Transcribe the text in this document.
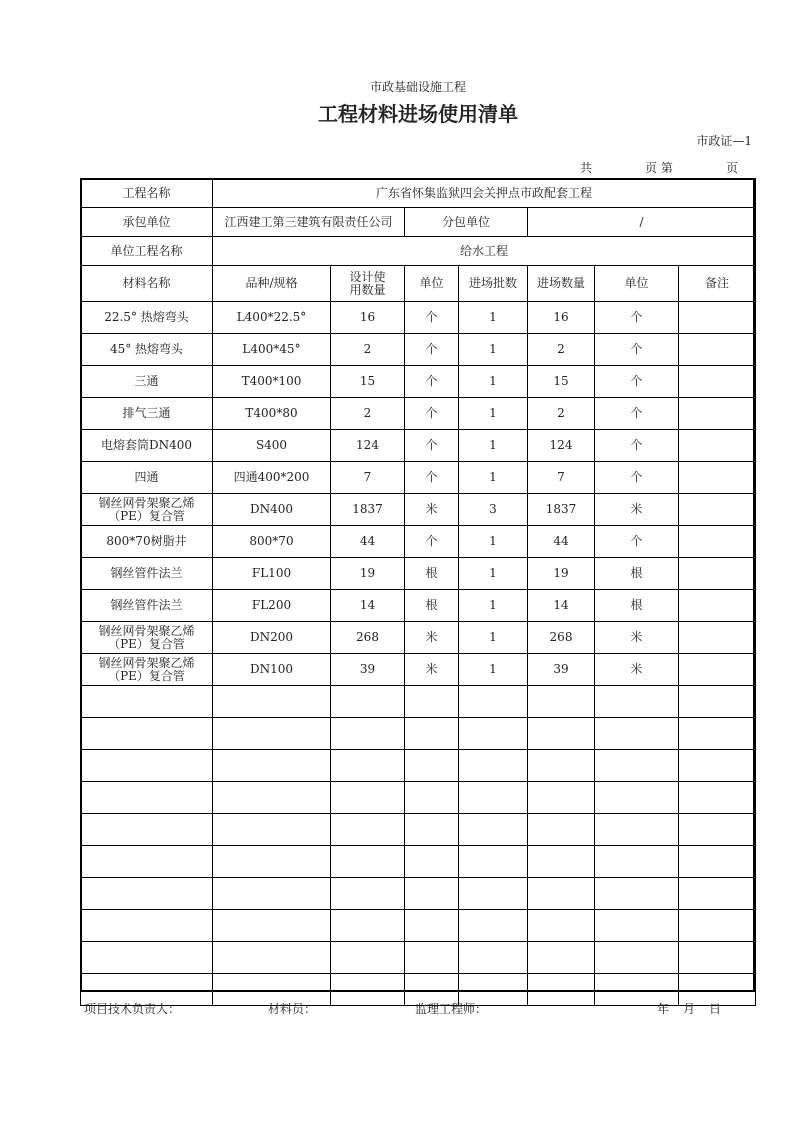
市政基础设施工程
工程材料进场使用清单
市政证—1
共	页 第	页
工程名称	广东省怀集监狱四会关押点市政配套工程						
承包单位	江西建工第三建筑有限责任公司		分包单位		/		
单位工程名称	给水工程						
材料名称	品种/规格	设计使用数量	单位	进场批数	进场数量	单位	备注
22.5° 热熔弯头	L400*22.5°	16	个	1	16	个	
45° 热熔弯头	L400*45°	2	个	1	2	个	
三通	T400*100	15	个	1	15	个	
排气三通	T400*80	2	个	1	2	个	
电熔套筒DN400	S400	124	个	1	124	个	
四通	四通400*200	7	个	1	7	个	
钢丝网骨架聚乙烯（PE）复合管	DN400	1837	米	3	1837	米	
800*70树脂井	800*70	44	个	1	44	个	
钢丝管件法兰	FL100	19	根	1	19	根	
钢丝管件法兰	FL200	14	根	1	14	根	
钢丝网骨架聚乙烯（PE）复合管	DN200	268	米	1	268	米	
钢丝网骨架聚乙烯（PE）复合管	DN100	39	米	1	39	米	

项目技术负责人：	材料员：	监理工程师：	年 月 日
